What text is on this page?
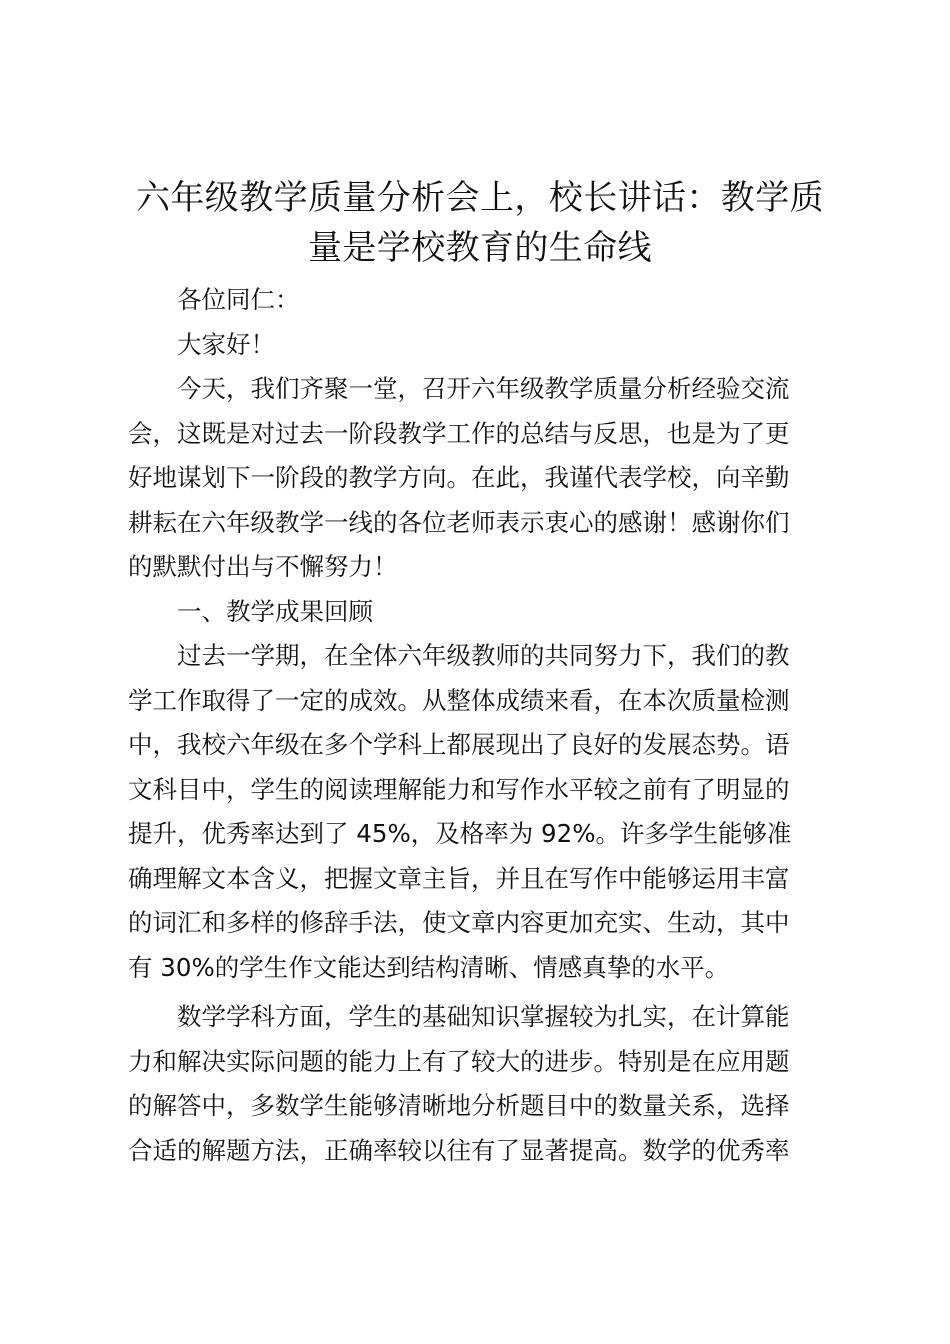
六年级教学质量分析会上，校长讲话：教学质
量是学校教育的生命线
各位同仁：
大家好！
今天，我们齐聚一堂，召开六年级教学质量分析经验交流
会，这既是对过去一阶段教学工作的总结与反思，也是为了更
好地谋划下一阶段的教学方向。在此，我谨代表学校，向辛勤
耕耘在六年级教学一线的各位老师表示衷心的感谢！感谢你们
的默默付出与不懈努力！
一、教学成果回顾
过去一学期，在全体六年级教师的共同努力下，我们的教
学工作取得了一定的成效。从整体成绩来看，在本次质量检测
中，我校六年级在多个学科上都展现出了良好的发展态势。语
文科目中，学生的阅读理解能力和写作水平较之前有了明显的
提升，优秀率达到了 45%，及格率为 92%。许多学生能够准
确理解文本含义，把握文章主旨，并且在写作中能够运用丰富
的词汇和多样的修辞手法，使文章内容更加充实、生动，其中
有 30%的学生作文能达到结构清晰、情感真挚的水平。
数学学科方面，学生的基础知识掌握较为扎实，在计算能
力和解决实际问题的能力上有了较大的进步。特别是在应用题
的解答中，多数学生能够清晰地分析题目中的数量关系，选择
合适的解题方法，正确率较以往有了显著提高。数学的优秀率
